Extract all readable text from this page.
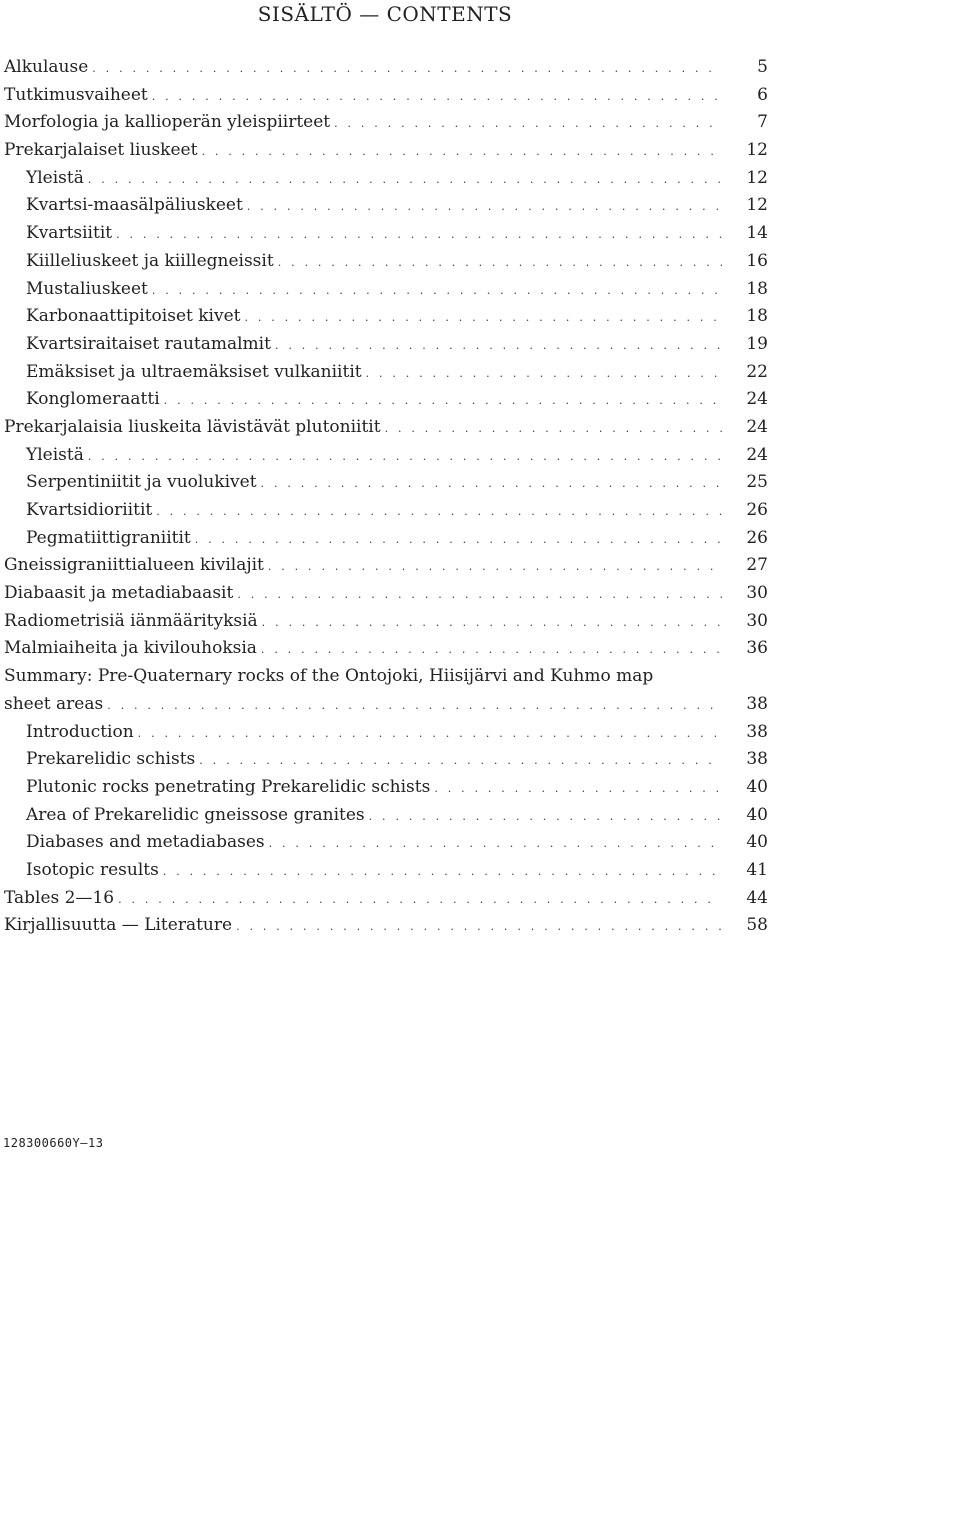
SISÄLTÖ — CONTENTS
Alkulause . . .	5
Tutkimusvaiheet . . .	6
Morfologia ja kallioperän yleispiirteet . . .	7
Prekarjalaiset liuskeet . . .	12
Yleistä . . .	12
Kvartsi-maasälpäliuskeet . . .	12
Kvartsiitit . . .	14
Kiilleliuskeet ja kiillegneissit . . .	16
Mustaliuskeet . . .	18
Karbonaattipitoiset kivet . . .	18
Kvartsiraitaiset rautamalmit . . .	19
Emäksiset ja ultraemäksiset vulkaniitit . . .	22
Konglomeraatti . . .	24
Prekarjalaisia liuskeita lävistävät plutoniitit . . .	24
Yleistä . . .	24
Serpentiniitit ja vuolukivet . . .	25
Kvartsidioriitit . . .	26
Pegmatiittigraniitit . . .	26
Gneissigraniittialueen kivilajit . . .	27
Diabaasit ja metadiabaasit . . .	30
Radiometrisiä iänmäärityksiä . . .	30
Malmiaiheita ja kivilouhoksia . . .	36
Summary: Pre-Quaternary rocks of the Ontojoki, Hiisijärvi and Kuhmo map
sheet areas . . .	38
Introduction . . .	38
Prekarelidic schists . . .	38
Plutonic rocks penetrating Prekarelidic schists . . .	40
Area of Prekarelidic gneissose granites . . .	40
Diabases and metadiabases . . .	40
Isotopic results . . .	41
Tables 2—16 . . .	44
Kirjallisuutta — Literature . . .	58
128300660Y—13
